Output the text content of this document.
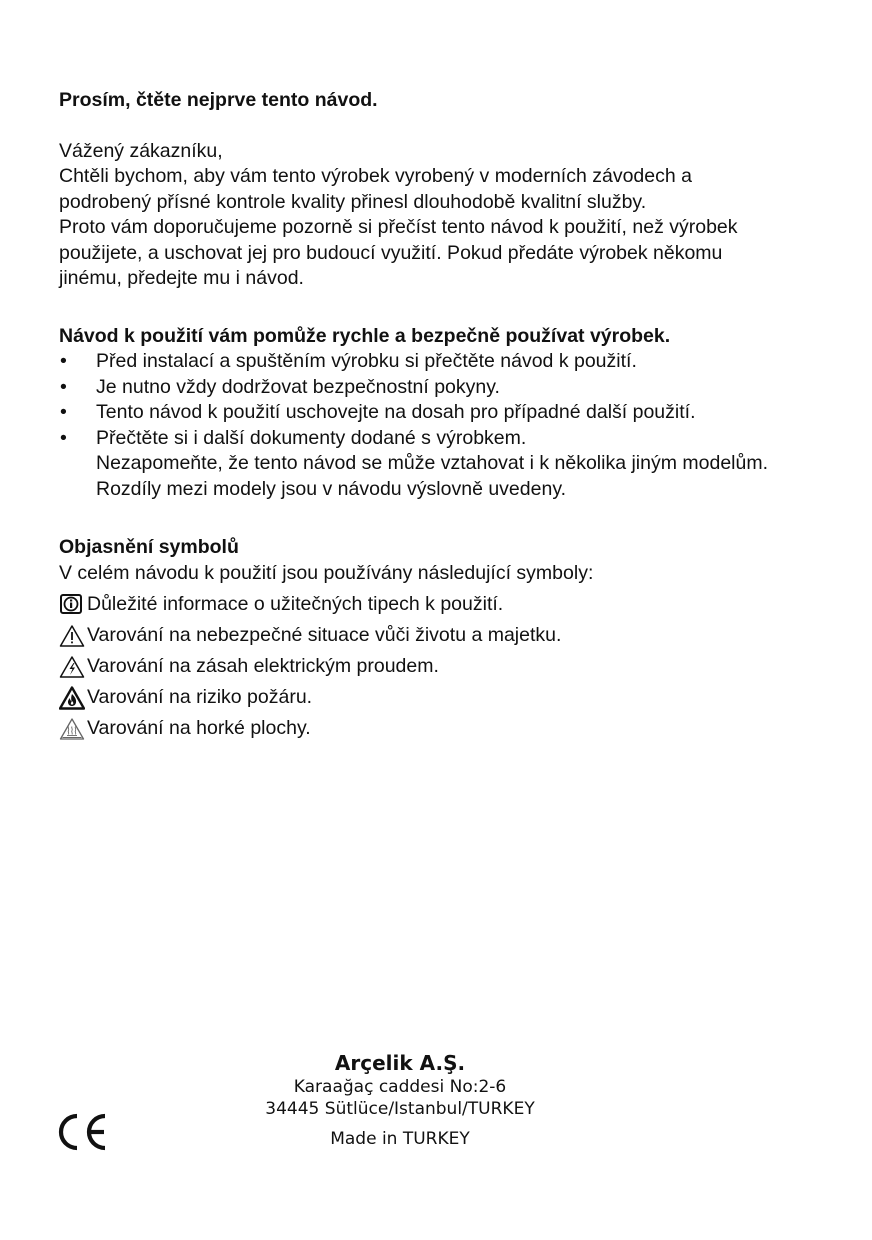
Prosím, čtěte nejprve tento návod.

Vážený zákazníku,

Chtěli bychom, aby vám tento výrobek vyrobený v moderních závodech a

podrobený přísné kontrole kvality přinesl dlouhodobě kvalitní služby.

Proto vám doporučujeme pozorně si přečíst tento návod k použití, než výrobek

použijete, a uschovat jej pro budoucí využití. Pokud předáte výrobek někomu

jinému, předejte mu i návod.

Návod k použití vám pomůže rychle a bezpečně používat výrobek.

• Před instalací a spuštěním výrobku si přečtěte návod k použití.
• Je nutno vždy dodržovat bezpečnostní pokyny.
• Tento návod k použití uschovejte na dosah pro případné další použití.
• Přečtěte si i další dokumenty dodané s výrobkem.
Nezapomeňte, že tento návod se může vztahovat i k několika jiným modelům.
Rozdíly mezi modely jsou v návodu výslovně uvedeny.

Objasnění symbolů

V celém návodu k použití jsou používány následující symboly:

Důležité informace o užitečných tipech k použití.
Varování na nebezpečné situace vůči životu a majetku.
Varování na zásah elektrickým proudem.
Varování na riziko požáru.
Varování na horké plochy.
Arçelik A.Ş.
Karaağaç caddesi No:2-6
34445 Sütlüce/Istanbul/TURKEY
Made in TURKEY
